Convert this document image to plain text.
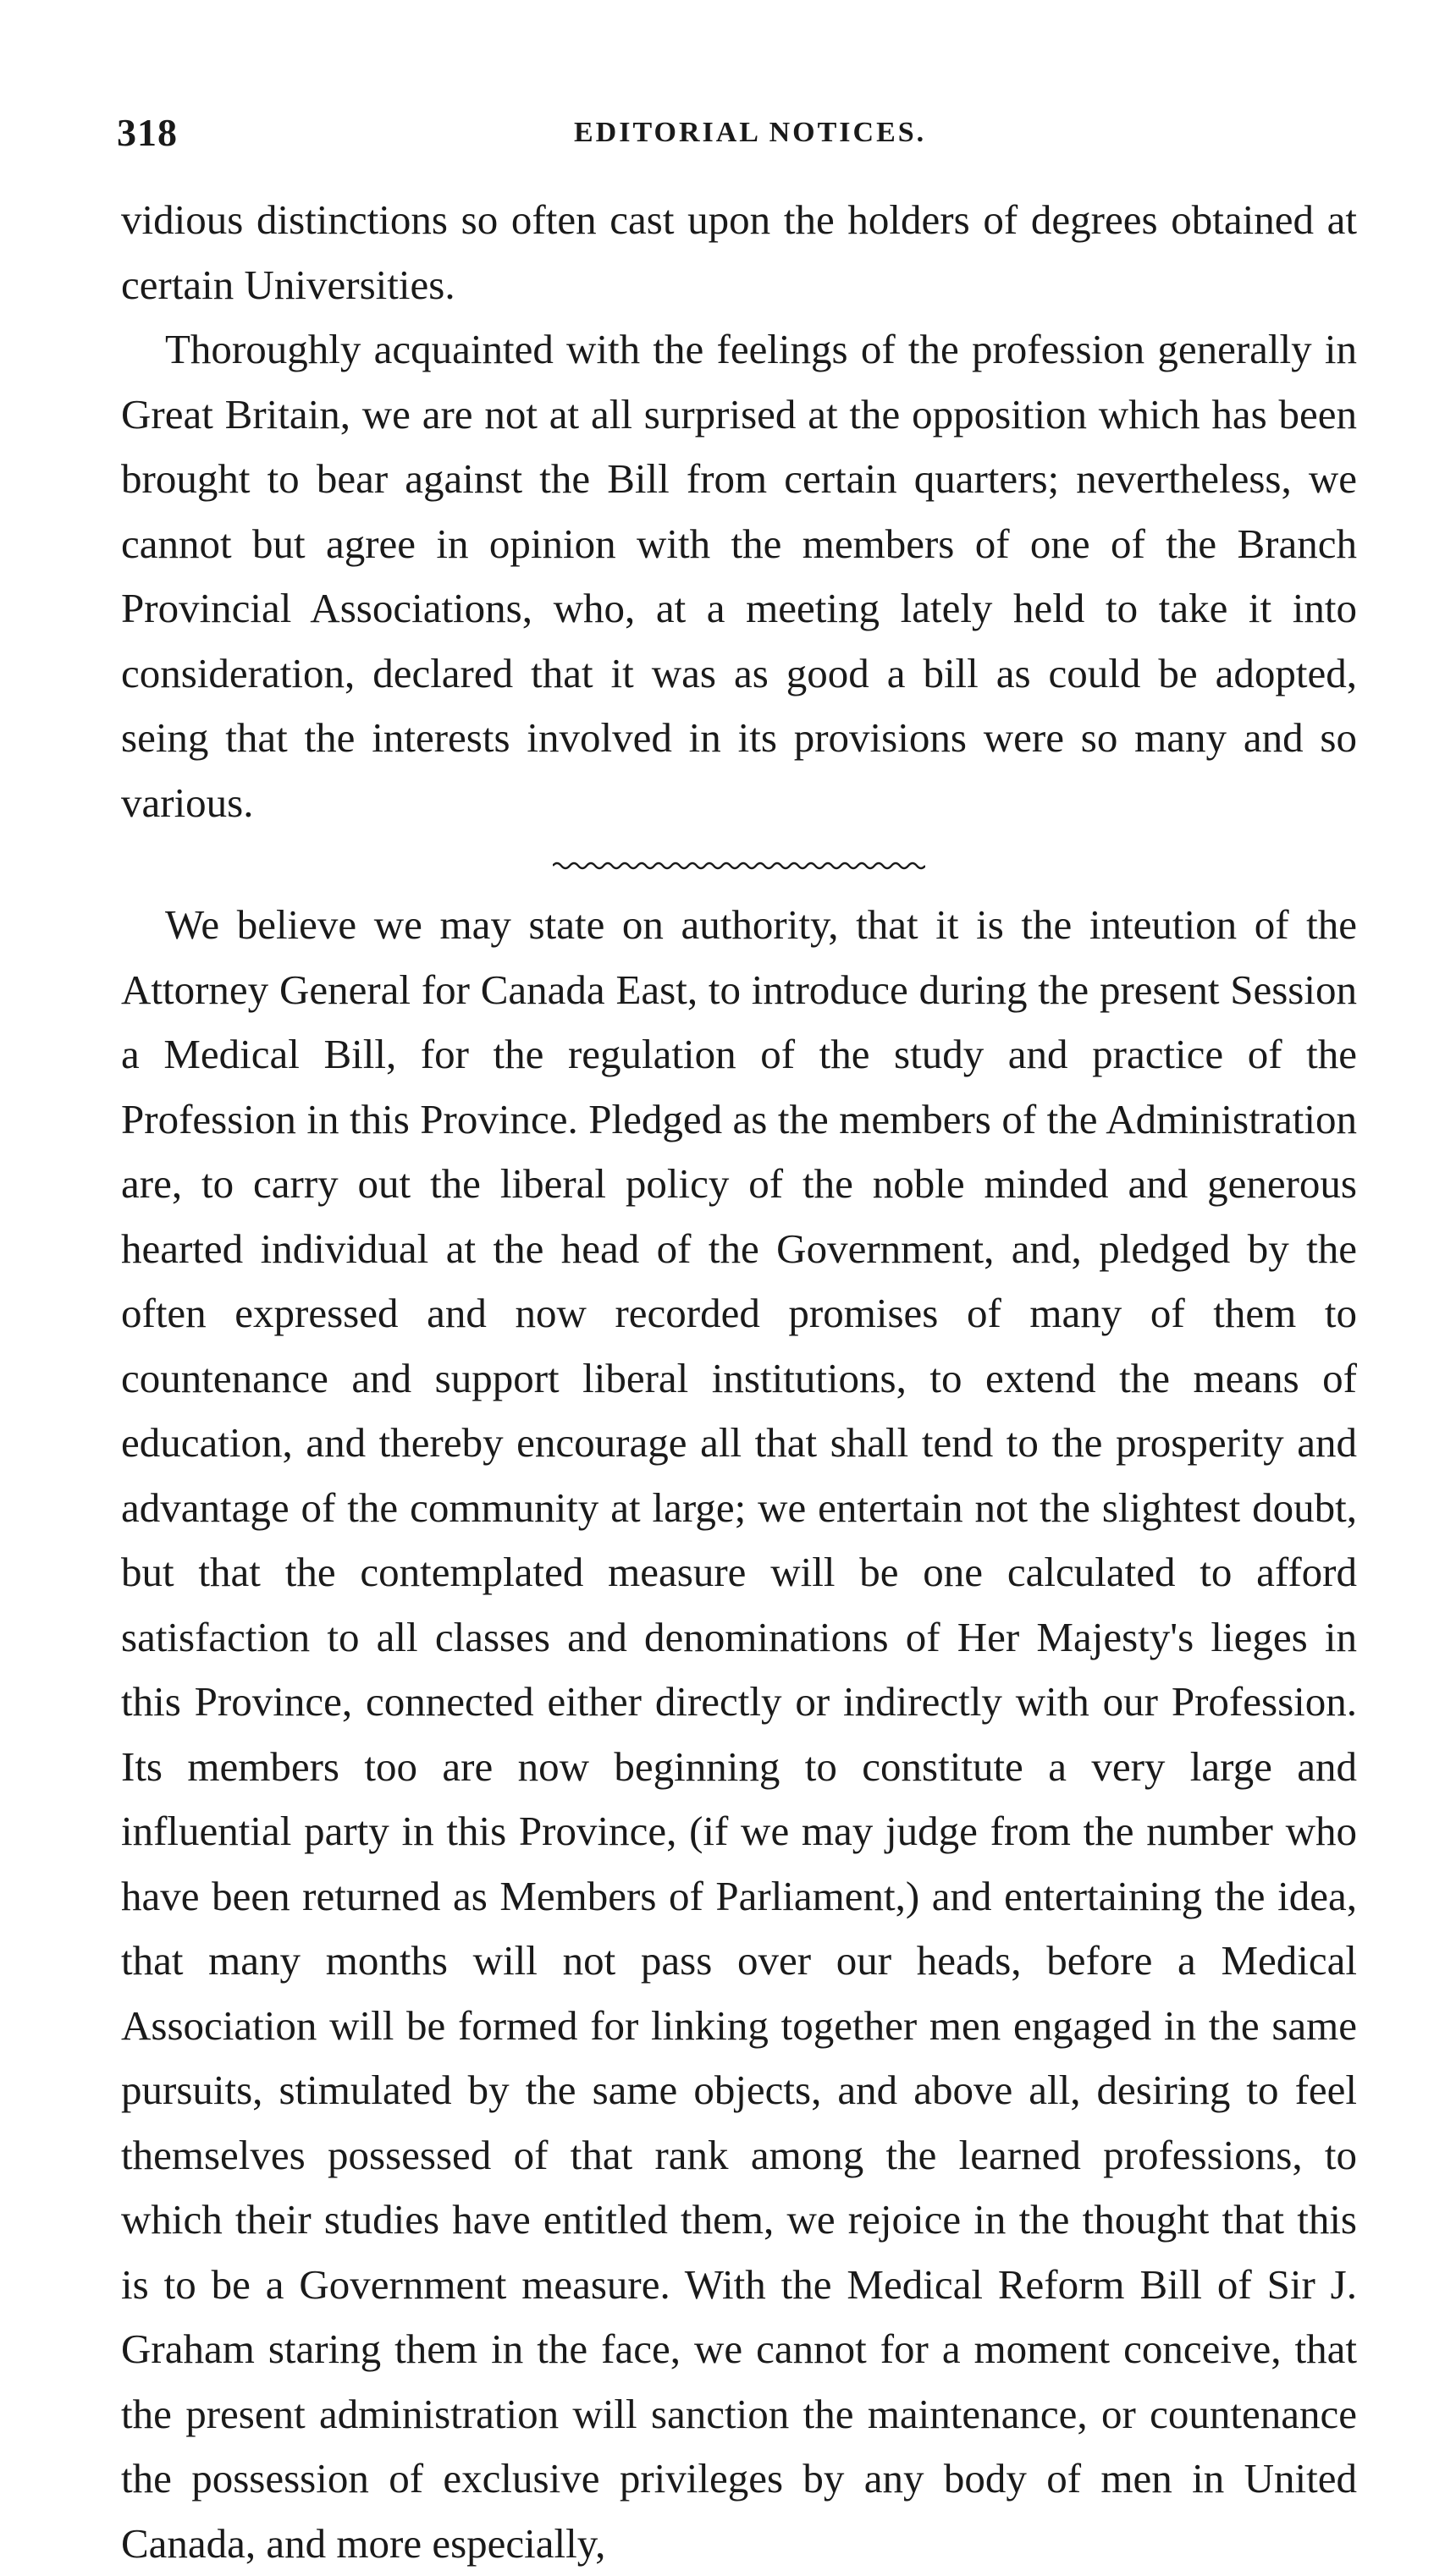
318	EDITORIAL NOTICES.

vidious distinctions so often cast upon the holders of degrees obtained at certain Universities.

Thoroughly acquainted with the feelings of the profession generally in Great Britain, we are not at all surprised at the opposition which has been brought to bear against the Bill from certain quarters; nevertheless, we cannot but agree in opinion with the members of one of the Branch Provincial Associations, who, at a meeting lately held to take it into consideration, declared that it was as good a bill as could be adopted, seing that the interests involved in its provisions were so many and so various.

We believe we may state on authority, that it is the inteution of the Attorney General for Canada East, to introduce during the present Session a Medical Bill, for the regulation of the study and practice of the Profession in this Province. Pledged as the members of the Administration are, to carry out the liberal policy of the noble minded and generous hearted individual at the head of the Government, and, pledged by the often expressed and now recorded promises of many of them to countenance and support liberal institutions, to extend the means of education, and thereby encourage all that shall tend to the prosperity and advantage of the community at large; we entertain not the slightest doubt, but that the contemplated measure will be one calculated to afford satisfaction to all classes and denominations of Her Majesty's lieges in this Province, connected either directly or indirectly with our Profession. Its members too are now beginning to constitute a very large and influential party in this Province, (if we may judge from the number who have been returned as Members of Parliament,) and entertaining the idea, that many months will not pass over our heads, before a Medical Association will be formed for linking together men engaged in the same pursuits, stimulated by the same objects, and above all, desiring to feel themselves possessed of that rank among the learned professions, to which their studies have entitled them, we rejoice in the thought that this is to be a Government measure. With the Medical Reform Bill of Sir J. Graham staring them in the face, we cannot for a moment conceive, that the present administration will sanction the maintenance, or countenance the possession of exclusive privileges by any body of men in United Canada, and more especially,
